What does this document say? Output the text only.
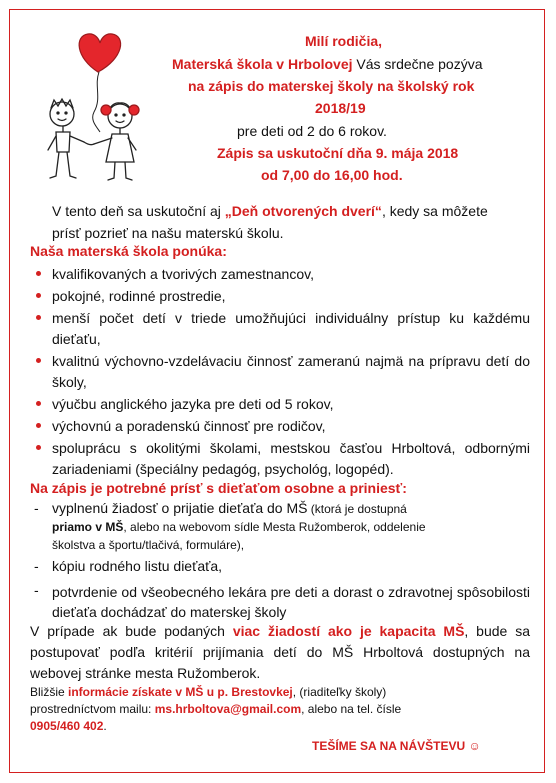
Milí rodičia,
Materská škola v Hrbolovej Vás srdečne pozýva
na zápis do materskej školy na školský rok
2018/19
pre deti od 2 do 6 rokov.
Zápis sa uskutoční dňa 9. mája 2018
od 7,00 do 16,00 hod.
V tento deň sa uskutoční aj „Deň otvorených dverí“, kedy sa môžete
prísť pozrieť na našu materskú školu.
Naša materská škola ponúka:
kvalifikovaných a tvorivých zamestnancov,
pokojné, rodinné prostredie,
menší počet detí v triede umožňujúci individuálny prístup ku každému dieťaťu,
kvalitnú výchovno-vzdelávaciu činnosť zameranú najmä na prípravu detí do školy,
výučbu anglického jazyka pre deti od 5 rokov,
výchovnú a poradenskú činnosť pre rodičov,
spoluprácu s okolitými školami, mestskou časťou Hrboltová, odbornými zariadeniami (špeciálny pedagóg, psychológ, logopéd).
Na zápis je potrebné prísť s dieťaťom osobne a priniesť:
- vyplnenú žiadosť o prijatie dieťaťa do MŠ (ktorá je dostupná
priamo v MŠ, alebo na webovom sídle Mesta Ružomberok, oddelenie
školstva a športu/tlačivá, formuláre),
- kópiu rodného listu dieťaťa,
- potvrdenie od všeobecného lekára pre deti a dorast o zdravotnej spôsobilosti dieťaťa dochádzať do materskej školy
V prípade ak bude podaných viac žiadostí ako je kapacita MŠ, bude sa postupovať podľa kritérií prijímania detí do MŠ Hrboltová dostupných na webovej stránke mesta Ružomberok.
Bližšie informácie získate v MŠ u p. Brestovkej, (riaditeľky školy)
prostredníctvom mailu: ms.hrboltova@gmail.com, alebo na tel. čísle
0905/460 402.
TEŠÍME SA NA NÁVŠTEVU ☺
